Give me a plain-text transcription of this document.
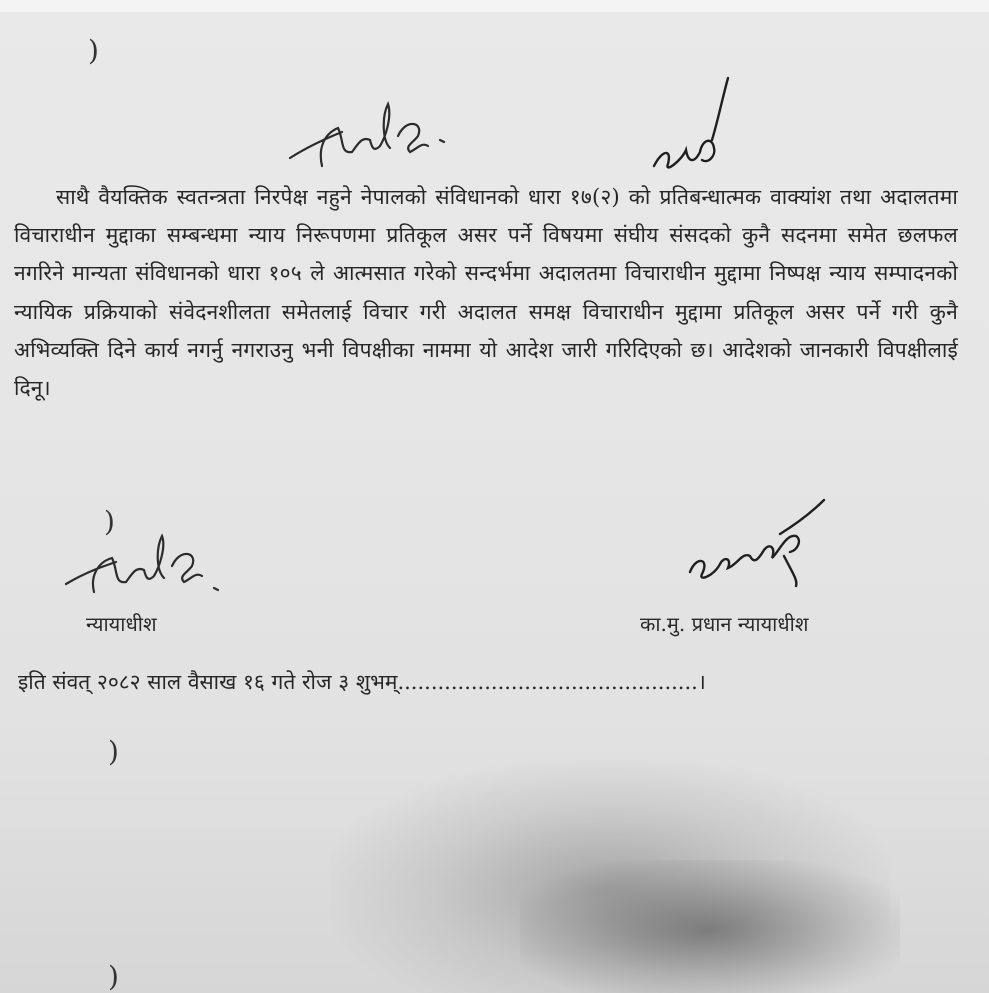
)
)
)
)

साथै वैयक्तिक स्वतन्त्रता निरपेक्ष नहुने नेपालको संविधानको धारा १७(२) को प्रतिबन्धात्मक वाक्यांश तथा अदालतमा विचाराधीन मुद्दाका सम्बन्धमा न्याय निरूपणमा प्रतिकूल असर पर्ने विषयमा संघीय संसदको कुनै सदनमा समेत छलफल नगरिने मान्यता संविधानको धारा १०५ ले आत्मसात गरेको सन्दर्भमा अदालतमा विचाराधीन मुद्दामा निष्पक्ष न्याय सम्पादनको न्यायिक प्रक्रियाको संवेदनशीलता समेतलाई विचार गरी अदालत समक्ष विचाराधीन मुद्दामा प्रतिकूल असर पर्ने गरी कुनै अभिव्यक्ति दिने कार्य नगर्नु नगराउनु भनी विपक्षीका नाममा यो आदेश जारी गरिदिएको छ। आदेशको जानकारी विपक्षीलाई दिनू।

न्यायाधीश	का.मु. प्रधान न्यायाधीश
इति संवत् २०८२ साल वैसाख १६ गते रोज ३ शुभम्.............................................।
